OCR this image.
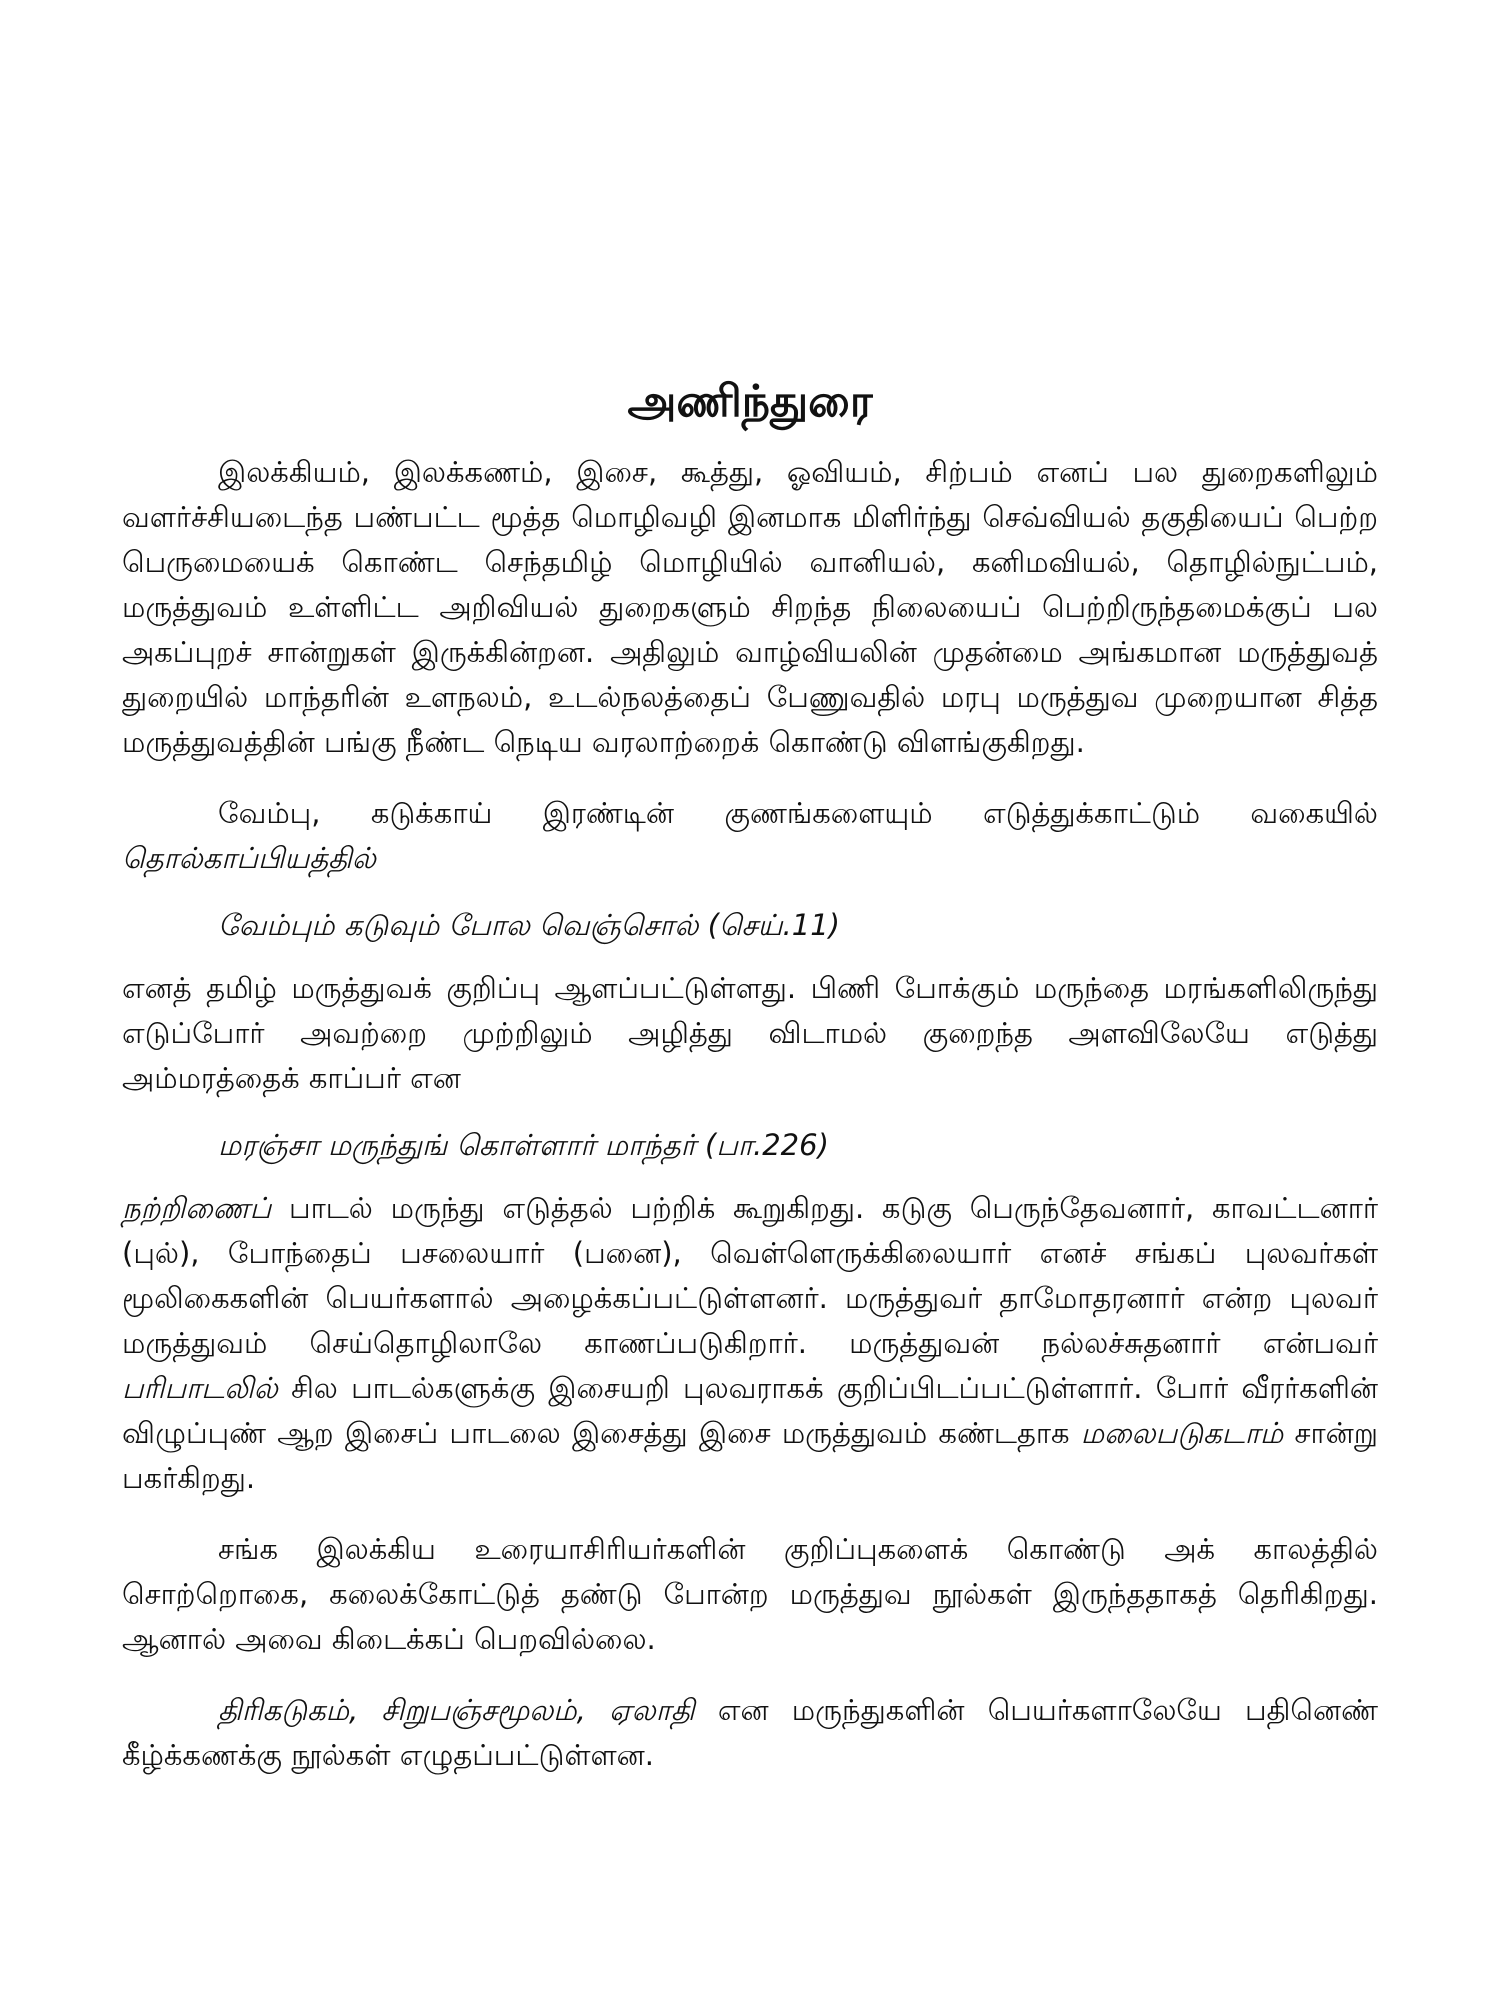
அணிந்துரை

இலக்கியம், இலக்கணம், இசை, கூத்து, ஓவியம், சிற்பம் எனப் பல துறைகளிலும் வளர்ச்சியடைந்த பண்பட்ட மூத்த மொழிவழி இனமாக மிளிர்ந்து செவ்வியல் தகுதியைப் பெற்ற பெருமையைக் கொண்ட செந்தமிழ் மொழியில் வானியல், கனிமவியல், தொழில்நுட்பம், மருத்துவம் உள்ளிட்ட அறிவியல் துறைகளும் சிறந்த நிலையைப் பெற்றிருந்தமைக்குப் பல அகப்புறச் சான்றுகள் இருக்கின்றன. அதிலும் வாழ்வியலின் முதன்மை அங்கமான மருத்துவத் துறையில் மாந்தரின் உளநலம், உடல்நலத்தைப் பேணுவதில் மரபு மருத்துவ முறையான சித்த மருத்துவத்தின் பங்கு நீண்ட நெடிய வரலாற்றைக் கொண்டு விளங்குகிறது.

வேம்பு, கடுக்காய் இரண்டின் குணங்களையும் எடுத்துக்காட்டும் வகையில் தொல்காப்பியத்தில்

வேம்பும் கடுவும் போல வெஞ்சொல் (செய்.11)

எனத் தமிழ் மருத்துவக் குறிப்பு ஆளப்பட்டுள்ளது. பிணி போக்கும் மருந்தை மரங்களிலிருந்து எடுப்போர் அவற்றை முற்றிலும் அழித்து விடாமல் குறைந்த அளவிலேயே எடுத்து அம்மரத்தைக் காப்பர் என

மரஞ்சா மருந்துங் கொள்ளார் மாந்தர் (பா.226)

நற்றிணைப் பாடல் மருந்து எடுத்தல் பற்றிக் கூறுகிறது. கடுகு பெருந்தேவனார், காவட்டனார் (புல்), போந்தைப் பசலையார் (பனை), வெள்ளெருக்கிலையார் எனச் சங்கப் புலவர்கள் மூலிகைகளின் பெயர்களால் அழைக்கப்பட்டுள்ளனர். மருத்துவர் தாமோதரனார் என்ற புலவர் மருத்துவம் செய்தொழிலாலே காணப்படுகிறார். மருத்துவன் நல்லச்சுதனார் என்பவர் பரிபாடலில் சில பாடல்களுக்கு இசையறி புலவராகக் குறிப்பிடப்பட்டுள்ளார். போர் வீரர்களின் விழுப்புண் ஆற இசைப் பாடலை இசைத்து இசை மருத்துவம் கண்டதாக மலைபடுகடாம் சான்று பகர்கிறது.

சங்க இலக்கிய உரையாசிரியர்களின் குறிப்புகளைக் கொண்டு அக் காலத்தில் சொற்றொகை, கலைக்கோட்டுத் தண்டு போன்ற மருத்துவ நூல்கள் இருந்ததாகத் தெரிகிறது. ஆனால் அவை கிடைக்கப் பெறவில்லை.

திரிகடுகம், சிறுபஞ்சமூலம், ஏலாதி என மருந்துகளின் பெயர்களாலேயே பதினெண் கீழ்க்கணக்கு நூல்கள் எழுதப்பட்டுள்ளன.
